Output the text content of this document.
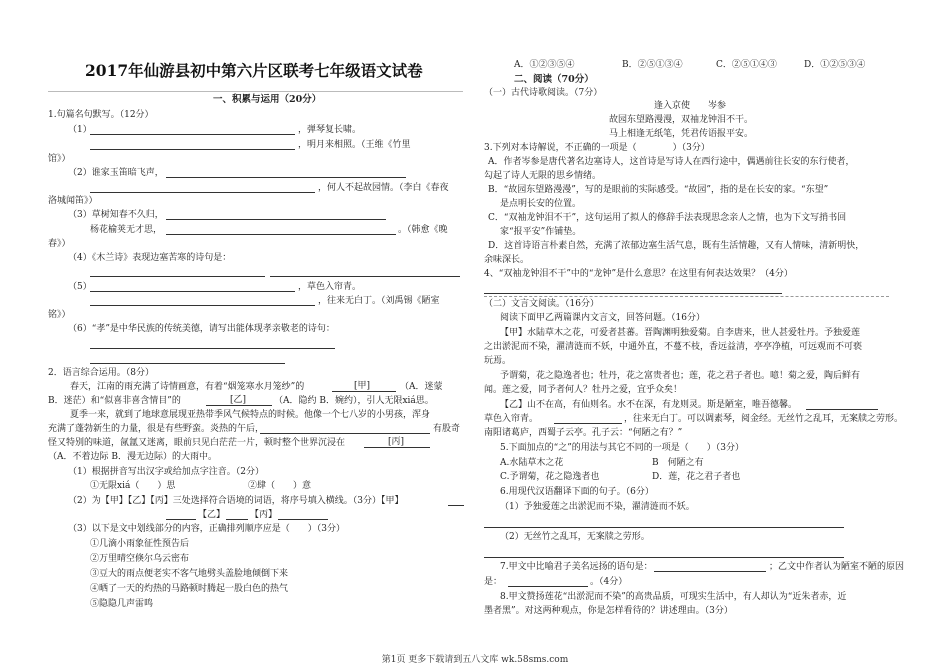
2017年仙游县初中第六片区联考七年级语文试卷
一、积累与运用（20分）
1.句篇名句默写。（12分）
（1）	，弹琴复长啸。
，明月来相照。（王维《竹里
馆》）
（2）谁家玉笛暗飞声，
，何人不起故园情。（李白《春夜
洛城闻笛》）
（3）草树知春不久归，
杨花榆荚无才思，	。（韩愈《晚
春》）
（4）《木兰诗》表现边塞苦寒的诗句是：
（5）	，草色入帘青。
，往来无白丁。（刘禹锡《陋室
铭》）
（6）“孝”是中华民族的传统美德，请写出能体现孝亲敬老的诗句：
2．语言综合运用。（8分）
春天，江南的雨充满了诗情画意，有着“烟笼寒水月笼纱”的	[甲]	（A．迷蒙
B．迷茫）和“似喜非喜含情目”的	[乙]	（A．隐约 B．婉约），引人无限xiá思。
夏季一来，就到了地球意展现亚热带季风气候特点的时候。他像一个七八岁的小男孩，浑身
充满了蓬勃新生的力量，很是有些野蛮。炎热的午后，	有股奇
怪又特别的味道，氤氲又迷离，眼前只见白茫茫一片，顿时整个世界沉浸在	[丙]
（A．不着边际 B．漫无边际）的大雨中。
（1）根据拼音写出汉字或给加点字注音。（2分）
①无限xiá（　　）思	②肆（　　）意
（2）为【甲】【乙】【丙】三处选择符合语境的词语，将序号填入横线。（3分）【甲】
【乙】	【丙】
（3）以下是文中划线部分的内容，正确排列顺序应是（　　）（3分）
①几滴小雨象征性预告后
②万里晴空倏尔乌云密布
③豆大的雨点便老实不客气地劈头盖脸地倾倒下来
④晒了一天的灼热的马路顿时腾起一股白色的热气
⑤隐隐几声雷鸣
A．①②③⑤④	B．②⑤①③④	C．②⑤①④③	D．①②⑤③④
二、阅读（70分）
（一）古代诗歌阅读。（7分）
逢入京使　　岑参
故园东望路漫漫，双袖龙钟泪不干。
马上相逢无纸笔，凭君传语报平安。
3.下列对本诗解说，不正确的一项是（　　　　）（3分）
A．作者岑参是唐代著名边塞诗人，这首诗是写诗人在西行途中，偶遇前往长安的东行使者，
勾起了诗人无限的思乡情绪。
B．“故园东望路漫漫”，写的是眼前的实际感受。“故园”，指的是在长安的家。“东望”
是点明长安的位置。
C．“双袖龙钟泪不干”，这句运用了拟人的修辞手法表现思念亲人之情，也为下文写捎书回
家“报平安”作铺垫。
D．这首诗语言朴素自然，充满了浓郁边塞生活气息，既有生活情趣，又有人情味，清新明快，
余味深长。
4、“双袖龙钟泪不干”中的“龙钟”是什么意思？在这里有何表达效果？（4分）
（二）文言文阅读。（16分）
阅读下面甲乙两篇课内文言文，回答问题。（16分）
【甲】水陆草木之花，可爱者甚蕃。晋陶渊明独爱菊。自李唐来，世人甚爱牡丹。予独爱莲
之出淤泥而不染，濯清涟而不妖，中通外直，不蔓不枝，香远益清，亭亭净植，可远观而不可亵
玩焉。
予谓菊，花之隐逸者也；牡丹，花之富贵者也；莲，花之君子者也。噫！菊之爱，陶后鲜有
闻。莲之爱，同予者何人？牡丹之爱，宜乎众矣！
【乙】山不在高，有仙则名。水不在深，有龙则灵。斯是陋室，唯吾德馨。
草色入帘青。	，往来无白丁。可以调素琴，阅金经。无丝竹之乱耳，无案牍之劳形。
南阳诸葛庐，西蜀子云亭。孔子云：“何陋之有？”
5.下面加点的“之”的用法与其它不同的一项是（　　）（3分）
A.水陆草木之花	B　何陋之有
C.予谓菊，花之隐逸者也	D．莲，花之君子者也
6.用现代汉语翻译下面的句子。（6分）
（1）予独爱莲之出淤泥而不染，濯清涟而不妖。
（2）无丝竹之乱耳，无案牍之劳形。
7.甲文中比喻君子美名远扬的语句是：	；乙文中作者认为陋室不陋的原因
是：	。（4分）
8.甲文赞扬莲花“出淤泥而不染”的高贵品质，可现实生活中，有人却认为“近朱者赤，近
墨者黑”。对这两种观点，你是怎样看待的？讲述理由。（3分）
第1页 更多下载请到五八文库 wk.58sms.com
